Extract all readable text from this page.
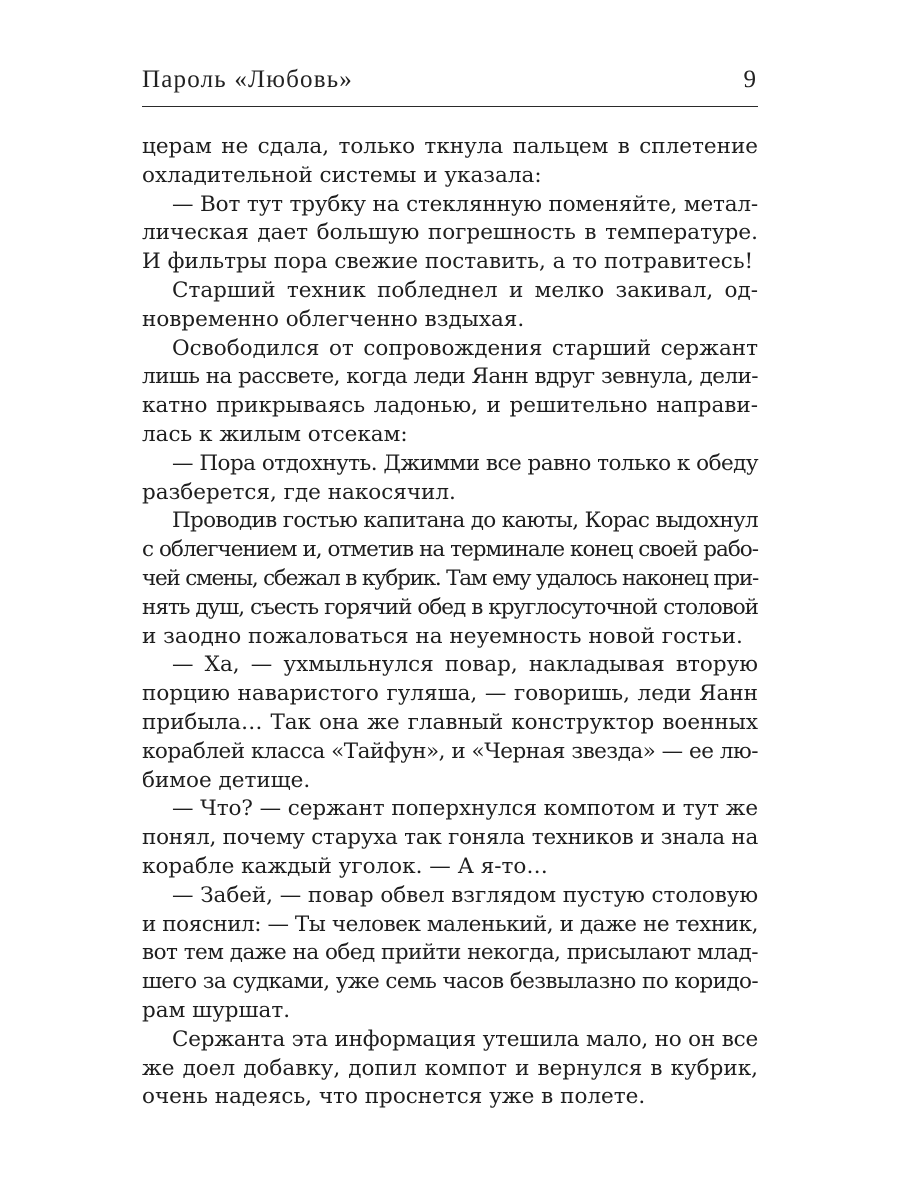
Пароль «Любовь»	9
церам не сдала, только ткнула пальцем в сплетение
охладительной системы и указала:
— Вот тут трубку на стеклянную поменяйте, метал-
лическая дает большую погрешность в температуре.
И фильтры пора свежие поставить, а то потравитесь!
Старший техник побледнел и мелко закивал, од-
новременно облегченно вздыхая.
Освободился от сопровождения старший сержант
лишь на рассвете, когда леди Яанн вдруг зевнула, дели-
катно прикрываясь ладонью, и решительно направи-
лась к жилым отсекам:
— Пора отдохнуть. Джимми все равно только к обеду
разберется, где накосячил.
Проводив гостью капитана до каюты, Корас выдохнул
с облегчением и, отметив на терминале конец своей рабо-
чей смены, сбежал в кубрик. Там ему удалось наконец при-
нять душ, съесть горячий обед в круглосуточной столовой
и заодно пожаловаться на неуемность новой гостьи.
— Ха, — ухмыльнулся повар, накладывая вторую
порцию наваристого гуляша, — говоришь, леди Яанн
прибыла… Так она же главный конструктор военных
кораблей класса «Тайфун», и «Черная звезда» — ее лю-
бимое детище.
— Что? — сержант поперхнулся компотом и тут же
понял, почему старуха так гоняла техников и знала на
корабле каждый уголок. — А я-то…
— Забей, — повар обвел взглядом пустую столовую
и пояснил: — Ты человек маленький, и даже не техник,
вот тем даже на обед прийти некогда, присылают млад-
шего за судками, уже семь часов безвылазно по коридо-
рам шуршат.
Сержанта эта информация утешила мало, но он все
же доел добавку, допил компот и вернулся в кубрик,
очень надеясь, что проснется уже в полете.
